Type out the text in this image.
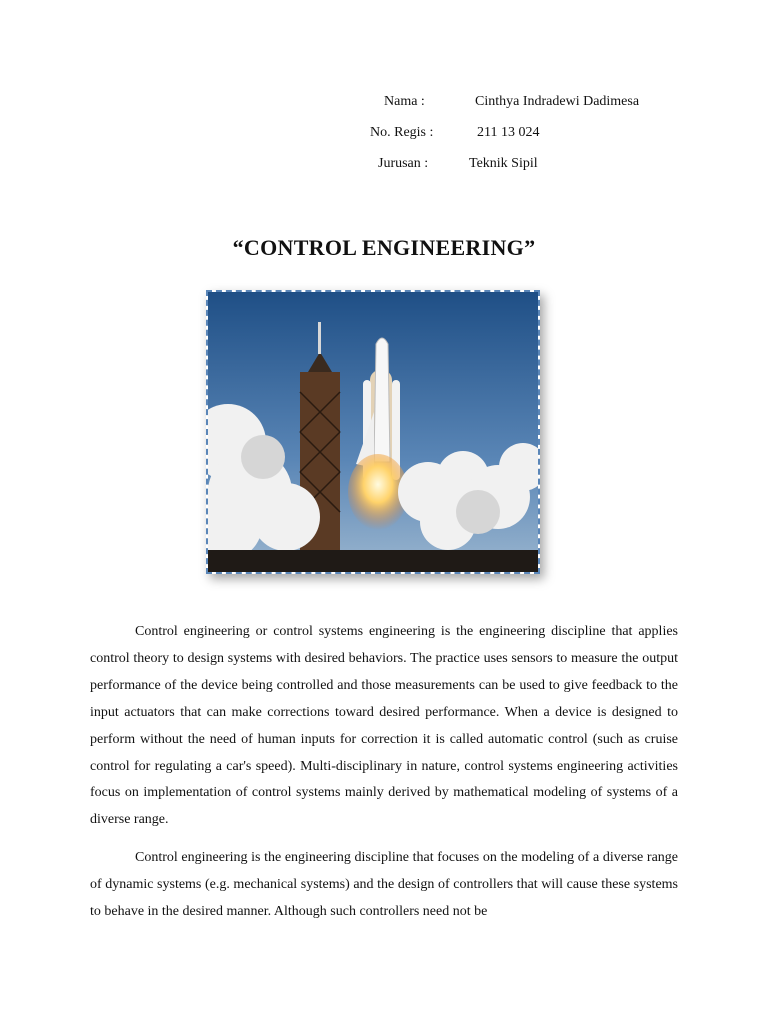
Nama :	Cinthya Indradewi Dadimesa
No. Regis :	211 13 024
Jurusan :	Teknik Sipil
“CONTROL ENGINEERING”

Control engineering or control systems engineering is the engineering discipline that applies control theory to design systems with desired behaviors. The practice uses sensors to measure the output performance of the device being controlled and those measurements can be used to give feedback to the input actuators that can make corrections toward desired performance. When a device is designed to perform without the need of human inputs for correction it is called automatic control (such as cruise control for regulating a car's speed). Multi-disciplinary in nature, control systems engineering activities focus on implementation of control systems mainly derived by mathematical modeling of systems of a diverse range.

Control engineering is the engineering discipline that focuses on the modeling of a diverse range of dynamic systems (e.g. mechanical systems) and the design of controllers that will cause these systems to behave in the desired manner. Although such controllers need not be
